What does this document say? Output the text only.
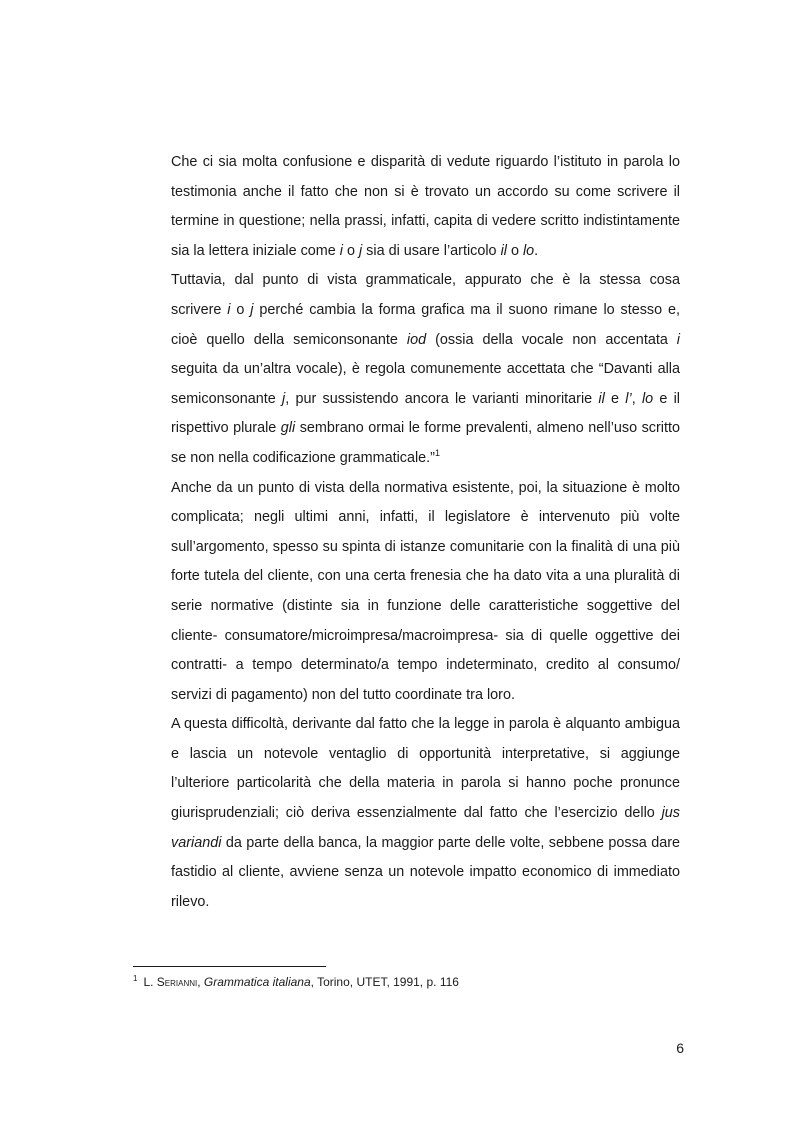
Che ci sia molta confusione e disparità di vedute riguardo l’istituto in parola lo testimonia anche il fatto che non si è trovato un accordo su come scrivere il termine in questione; nella prassi, infatti, capita di vedere scritto indistintamente sia la lettera iniziale come i o j sia di usare l’articolo il o lo.

Tuttavia, dal punto di vista grammaticale, appurato che è la stessa cosa scrivere i o j perché cambia la forma grafica ma il suono rimane lo stesso e, cioè quello della semiconsonante iod (ossia della vocale non accentata i seguita da un’altra vocale), è regola comunemente accettata che “Davanti alla semiconsonante j, pur sussistendo ancora le varianti minoritarie il e l’, lo e il rispettivo plurale gli sembrano ormai le forme prevalenti, almeno nell’uso scritto se non nella codificazione grammaticale.”$^1$

Anche da un punto di vista della normativa esistente, poi, la situazione è molto complicata; negli ultimi anni, infatti, il legislatore è intervenuto più volte sull’argomento, spesso su spinta di istanze comunitarie con la finalità di una più forte tutela del cliente, con una certa frenesia che ha dato vita a una pluralità di serie normative (distinte sia in funzione delle caratteristiche soggettive del cliente- consumatore/microimpresa/macroimpresa- sia di quelle oggettive dei contratti- a tempo determinato/a tempo indeterminato, credito al consumo/ servizi di pagamento) non del tutto coordinate tra loro.

A questa difficoltà, derivante dal fatto che la legge in parola è alquanto ambigua e lascia un notevole ventaglio di opportunità interpretative, si aggiunge l’ulteriore particolarità che della materia in parola si hanno poche pronunce giurisprudenziali; ciò deriva essenzialmente dal fatto che l’esercizio dello jus variandi da parte della banca, la maggior parte delle volte, sebbene possa dare fastidio al cliente, avviene senza un notevole impatto economico di immediato rilevo.

$^1$ L. Serianni, Grammatica italiana, Torino, UTET, 1991, p. 116
6
